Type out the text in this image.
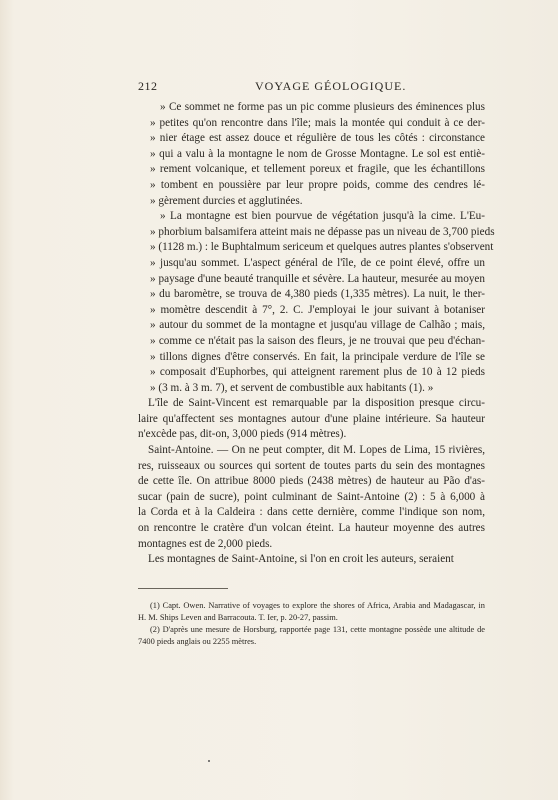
212	VOYAGE GÉOLOGIQUE.
» Ce sommet ne forme pas un pic comme plusieurs des éminences plus
» petites qu'on rencontre dans l'île; mais la montée qui conduit à ce der-
» nier étage est assez douce et régulière de tous les côtés : circonstance
» qui a valu à la montagne le nom de Grosse Montagne. Le sol est entiè-
» rement volcanique, et tellement poreux et fragile, que les échantillons
» tombent en poussière par leur propre poids, comme des cendres lé-
» gèrement durcies et agglutinées.
» La montagne est bien pourvue de végétation jusqu'à la cime. L'Eu-
» phorbium balsamifera atteint mais ne dépasse pas un niveau de 3,700 pieds
» (1128 m.) : le Buphtalmum sericeum et quelques autres plantes s'observent
» jusqu'au sommet. L'aspect général de l'île, de ce point élevé, offre un
» paysage d'une beauté tranquille et sévère. La hauteur, mesurée au moyen
» du baromètre, se trouva de 4,380 pieds (1,335 mètres). La nuit, le ther-
» momètre descendit à 7°, 2. C. J'employai le jour suivant à botaniser
» autour du sommet de la montagne et jusqu'au village de Calhão ; mais,
» comme ce n'était pas la saison des fleurs, je ne trouvai que peu d'échan-
» tillons dignes d'être conservés. En fait, la principale verdure de l'île se
» composait d'Euphorbes, qui atteignent rarement plus de 10 à 12 pieds
» (3 m. à 3 m. 7), et servent de combustible aux habitants (1). »
L'île de Saint-Vincent est remarquable par la disposition presque circu-
laire qu'affectent ses montagnes autour d'une plaine intérieure. Sa hauteur
n'excède pas, dit-on, 3,000 pieds (914 mètres).
Saint-Antoine. — On ne peut compter, dit M. Lopes de Lima, 15 rivières,
res, ruisseaux ou sources qui sortent de toutes parts du sein des montagnes
de cette île. On attribue 8000 pieds (2438 mètres) de hauteur au Pão d'as-
sucar (pain de sucre), point culminant de Saint-Antoine (2) : 5 à 6,000 à
la Corda et à la Caldeira : dans cette dernière, comme l'indique son nom,
on rencontre le cratère d'un volcan éteint. La hauteur moyenne des autres
montagnes est de 2,000 pieds.
Les montagnes de Saint-Antoine, si l'on en croit les auteurs, seraient
(1) Capt. Owen. Narrative of voyages to explore the shores of Africa, Arabia and Madagascar, in
H. M. Ships Leven and Barracouta. T. Ier, p. 20-27, passim.
(2) D'après une mesure de Horsburg, rapportée page 131, cette montagne possède une altitude de
7400 pieds anglais ou 2255 mètres.
